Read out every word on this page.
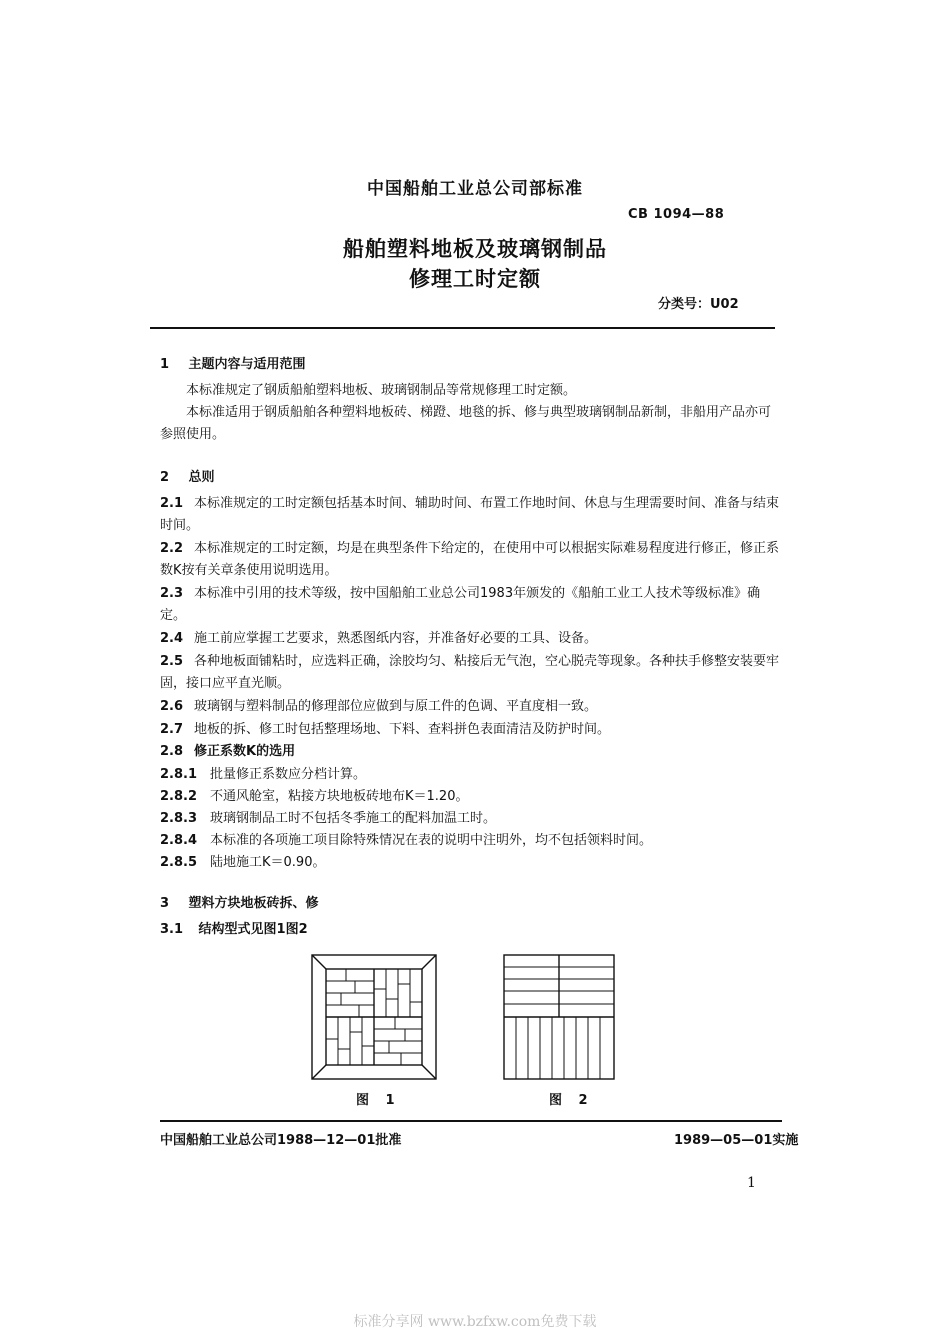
中国船舶工业总公司部标准
CB 1094—88
船舶塑料地板及玻璃钢制品
修理工时定额
分类号：U02
1 主题内容与适用范围
本标准规定了钢质船舶塑料地板、玻璃钢制品等常规修理工时定额。
本标准适用于钢质船舶各种塑料地板砖、梯蹬、地毯的拆、修与典型玻璃钢制品新制，非船用产品亦可参照使用。
2 总则
2.1 本标准规定的工时定额包括基本时间、辅助时间、布置工作地时间、休息与生理需要时间、准备与结束时间。
2.2 本标准规定的工时定额，均是在典型条件下给定的，在使用中可以根据实际难易程度进行修正，修正系数K按有关章条使用说明选用。
2.3 本标准中引用的技术等级，按中国船舶工业总公司1983年颁发的《船舶工业工人技术等级标准》确定。
2.4 施工前应掌握工艺要求，熟悉图纸内容，并准备好必要的工具、设备。
2.5 各种地板面铺粘时，应选料正确，涂胶均匀、粘接后无气泡，空心脱壳等现象。各种扶手修整安装要牢固，接口应平直光顺。
2.6 玻璃钢与塑料制品的修理部位应做到与原工件的色调、平直度相一致。
2.7 地板的拆、修工时包括整理场地、下料、查料拼色表面清洁及防护时间。
2.8 修正系数K的选用
2.8.1 批量修正系数应分档计算。
2.8.2 不通风舱室，粘接方块地板砖地布K＝1.20。
2.8.3 玻璃钢制品工时不包括冬季施工的配料加温工时。
2.8.4 本标准的各项施工项目除特殊情况在表的说明中注明外，均不包括领料时间。
2.8.5 陆地施工K＝0.90。
3 塑料方块地板砖拆、修
3.1 结构型式见图1图2
图 1	图 2
中国船舶工业总公司1988—12—01批准	1989—05—01实施
1
标准分享网 www.bzfxw.com免费下载
